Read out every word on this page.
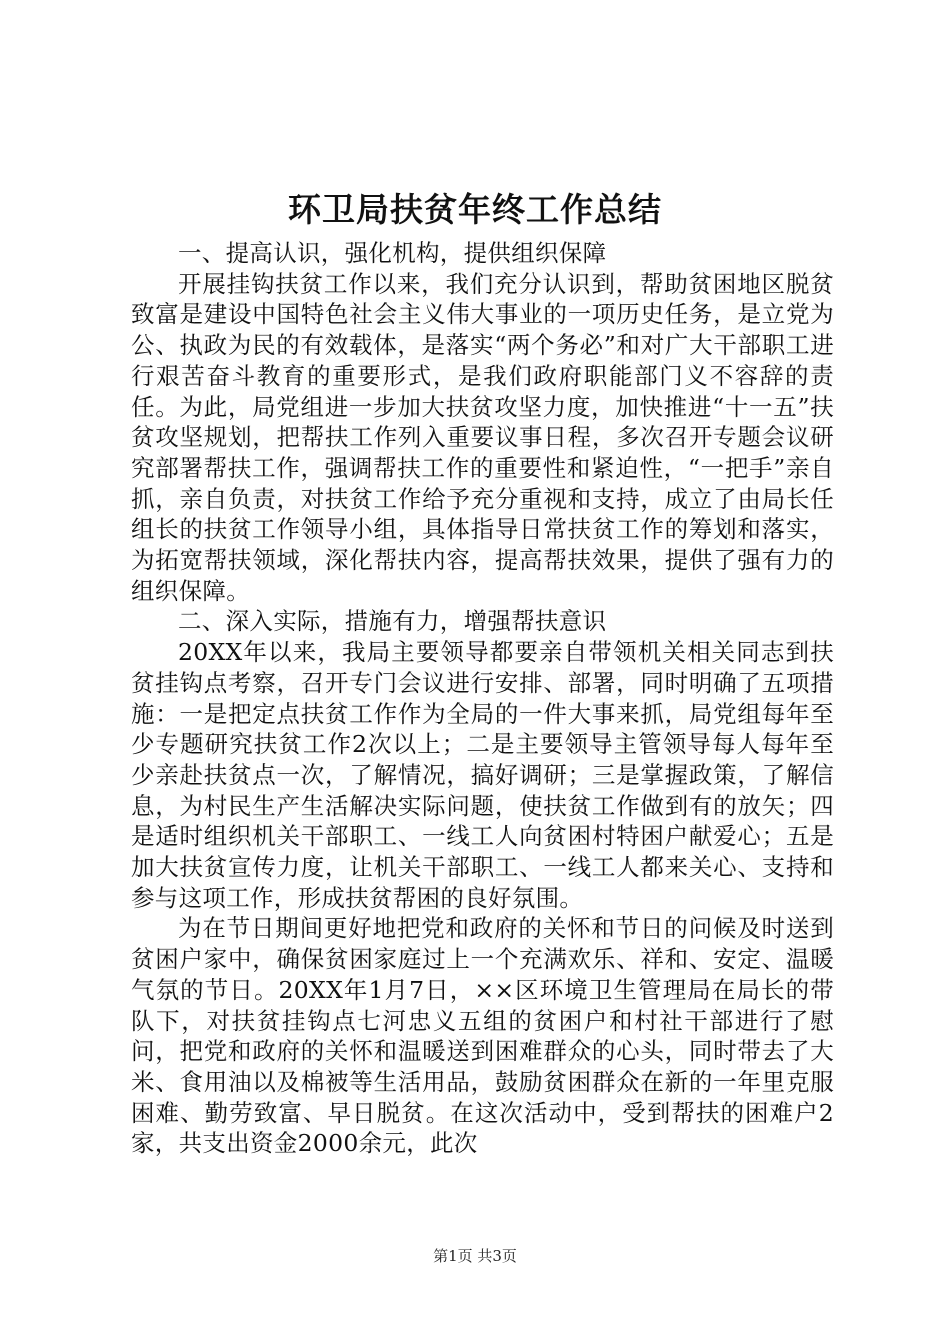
环卫局扶贫年终工作总结

一、提高认识，强化机构，提供组织保障

开展挂钩扶贫工作以来，我们充分认识到，帮助贫困地区脱贫致富是建设中国特色社会主义伟大事业的一项历史任务，是立党为公、执政为民的有效载体，是落实“两个务必”和对广大干部职工进行艰苦奋斗教育的重要形式，是我们政府职能部门义不容辞的责任。为此，局党组进一步加大扶贫攻坚力度，加快推进“十一五”扶贫攻坚规划，把帮扶工作列入重要议事日程，多次召开专题会议研究部署帮扶工作，强调帮扶工作的重要性和紧迫性，“一把手”亲自抓，亲自负责，对扶贫工作给予充分重视和支持，成立了由局长任组长的扶贫工作领导小组，具体指导日常扶贫工作的筹划和落实，为拓宽帮扶领域，深化帮扶内容，提高帮扶效果，提供了强有力的组织保障。

二、深入实际，措施有力，增强帮扶意识

20XX年以来，我局主要领导都要亲自带领机关相关同志到扶贫挂钩点考察，召开专门会议进行安排、部署，同时明确了五项措施：一是把定点扶贫工作作为全局的一件大事来抓，局党组每年至少专题研究扶贫工作2次以上；二是主要领导主管领导每人每年至少亲赴扶贫点一次，了解情况，搞好调研；三是掌握政策，了解信息，为村民生产生活解决实际问题，使扶贫工作做到有的放矢；四是适时组织机关干部职工、一线工人向贫困村特困户献爱心；五是加大扶贫宣传力度，让机关干部职工、一线工人都来关心、支持和参与这项工作，形成扶贫帮困的良好氛围。

为在节日期间更好地把党和政府的关怀和节日的问候及时送到贫困户家中，确保贫困家庭过上一个充满欢乐、祥和、安定、温暖气氛的节日。20XX年1月7日，××区环境卫生管理局在局长的带队下，对扶贫挂钩点七河忠义五组的贫困户和村社干部进行了慰问，把党和政府的关怀和温暖送到困难群众的心头，同时带去了大米、食用油以及棉被等生活用品，鼓励贫困群众在新的一年里克服困难、勤劳致富、早日脱贫。在这次活动中，受到帮扶的困难户2家，共支出资金2000余元，此次

第1页 共3页
